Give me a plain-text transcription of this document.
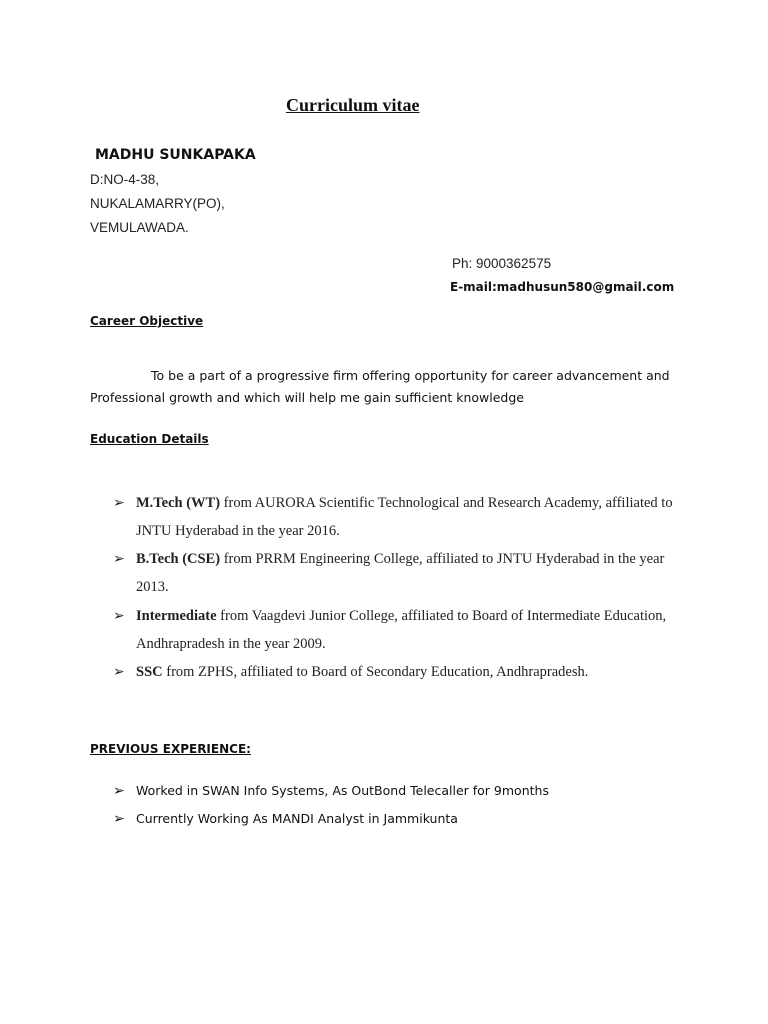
Curriculum vitae
MADHU SUNKAPAKA
D:NO-4-38,
NUKALAMARRY(PO),
VEMULAWADA.
Ph: 9000362575
E-mail:madhusun580@gmail.com
Career Objective
To be a part of a progressive firm offering opportunity for career advancement and
Professional growth and which will help me gain sufficient knowledge
Education Details
➢ M.Tech (WT) from AURORA Scientific Technological and Research Academy, affiliated to JNTU Hyderabad in the year 2016.
➢ B.Tech (CSE) from PRRM Engineering College, affiliated to JNTU Hyderabad in the year 2013.
➢ Intermediate from Vaagdevi Junior College, affiliated to Board of Intermediate Education, Andhrapradesh in the year 2009.
➢ SSC from ZPHS, affiliated to Board of Secondary Education, Andhrapradesh.
PREVIOUS EXPERIENCE:
➢ Worked in SWAN Info Systems, As OutBond Telecaller for 9months
➢ Currently Working As MANDI Analyst in Jammikunta
